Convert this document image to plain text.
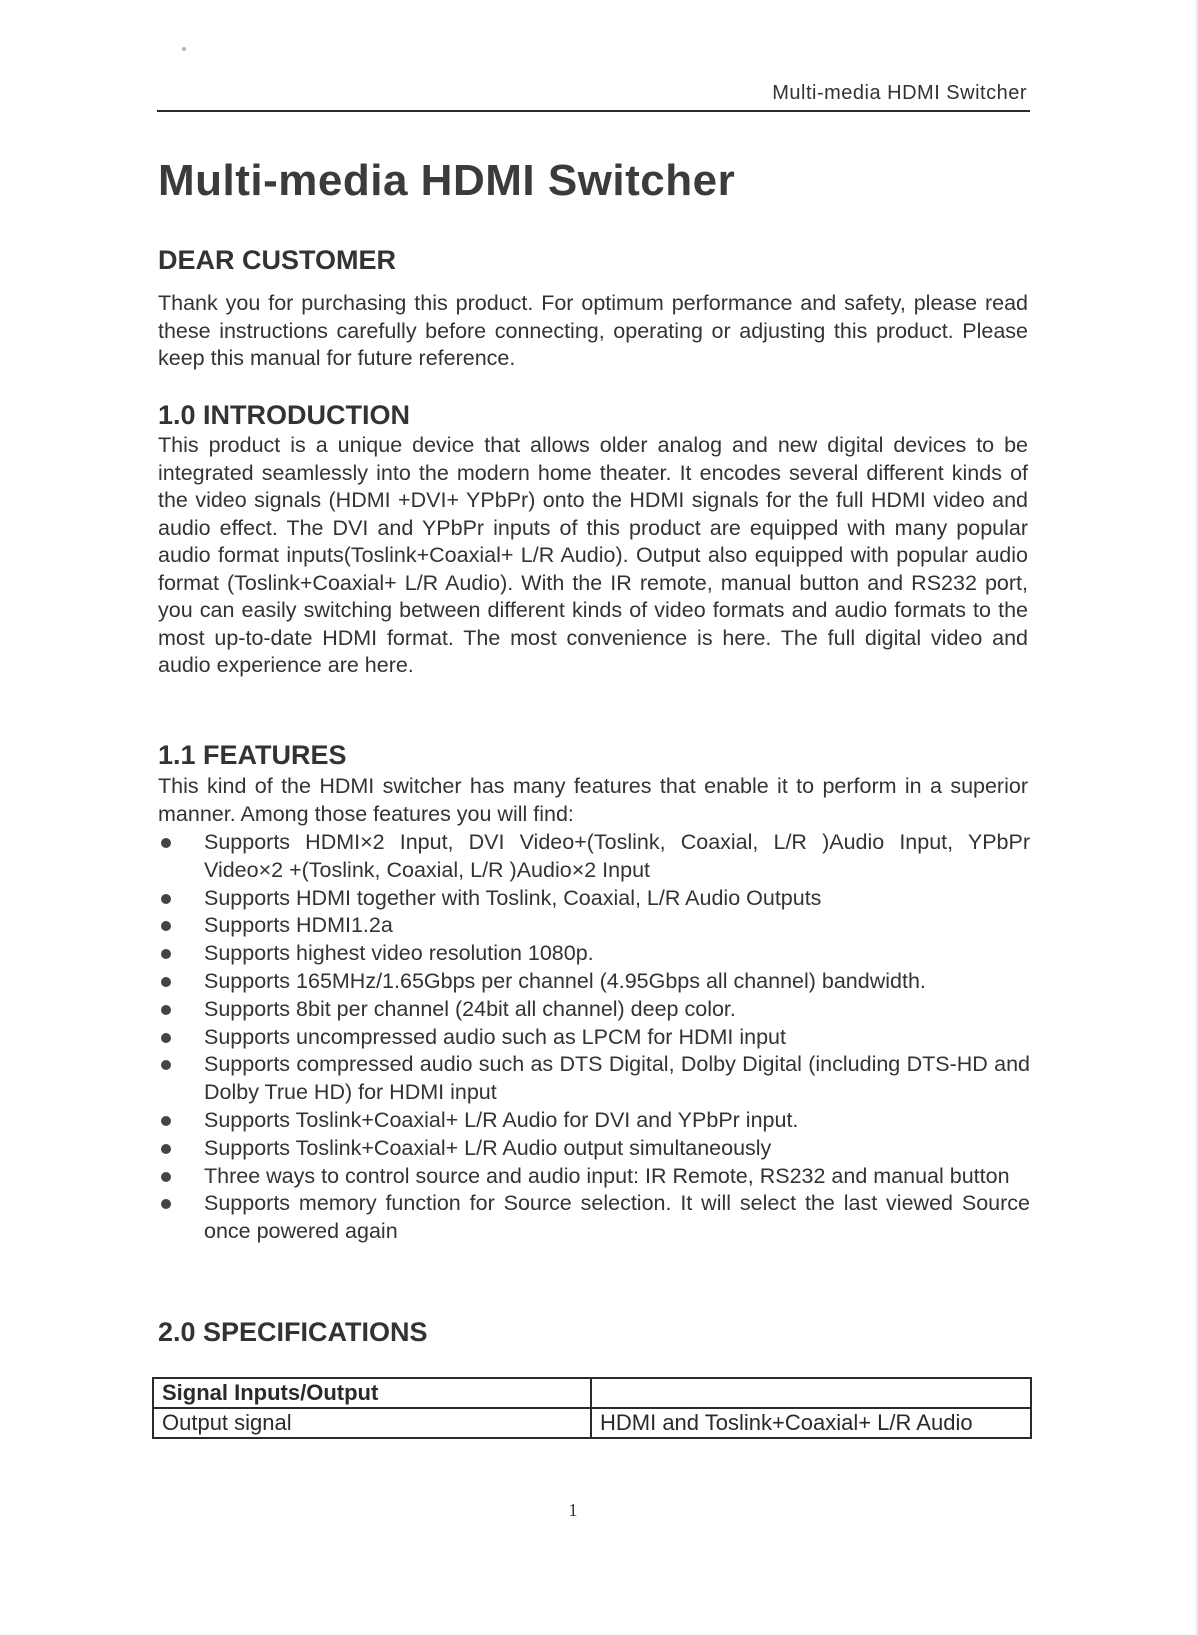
Multi-media HDMI Switcher
Multi-media HDMI Switcher
DEAR CUSTOMER

Thank you for purchasing this product. For optimum performance and safety, please read these instructions carefully before connecting, operating or adjusting this product. Please keep this manual for future reference.

1.0 INTRODUCTION

This product is a unique device that allows older analog and new digital devices to be integrated seamlessly into the modern home theater. It encodes several different kinds of the video signals (HDMI +DVI+ YPbPr) onto the HDMI signals for the full HDMI video and audio effect. The DVI and YPbPr inputs of this product are equipped with many popular audio format inputs(Toslink+Coaxial+ L/R Audio). Output also equipped with popular audio format (Toslink+Coaxial+ L/R Audio). With the IR remote, manual button and RS232 port, you can easily switching between different kinds of video formats and audio formats to the most up-to-date HDMI format. The most convenience is here. The full digital video and audio experience are here.

1.1 FEATURES

This kind of the HDMI switcher has many features that enable it to perform in a superior manner. Among those features you will find:

Supports HDMI×2 Input, DVI Video+(Toslink, Coaxial, L/R )Audio Input, YPbPr Video×2 +(Toslink, Coaxial, L/R )Audio×2 Input
Supports HDMI together with Toslink, Coaxial, L/R Audio Outputs
Supports HDMI1.2a
Supports highest video resolution 1080p.
Supports 165MHz/1.65Gbps per channel (4.95Gbps all channel) bandwidth.
Supports 8bit per channel (24bit all channel) deep color.
Supports uncompressed audio such as LPCM for HDMI input
Supports compressed audio such as DTS Digital, Dolby Digital (including DTS-HD and Dolby True HD) for HDMI input
Supports Toslink+Coaxial+ L/R Audio for DVI and YPbPr input.
Supports Toslink+Coaxial+ L/R Audio output simultaneously
Three ways to control source and audio input: IR Remote, RS232 and manual button
Supports memory function for Source selection. It will select the last viewed Source once powered again
2.0 SPECIFICATIONS
Signal Inputs/Output	
Output signal	HDMI and Toslink+Coaxial+ L/R Audio
1
